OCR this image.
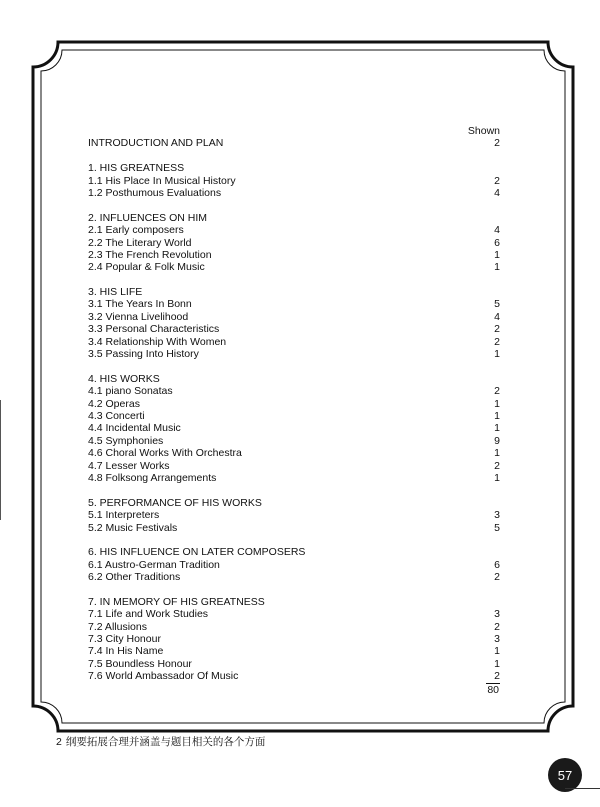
Shown
INTRODUCTION AND PLAN	2
1. HIS GREATNESS
1.1 His Place In Musical History	2
1.2 Posthumous Evaluations	4
2. INFLUENCES ON HIM
2.1 Early composers	4
2.2 The Literary World	6
2.3 The French Revolution	1
2.4 Popular & Folk Music	1
3. HIS LIFE
3.1 The Years In Bonn	5
3.2 Vienna Livelihood	4
3.3 Personal Characteristics	2
3.4 Relationship With Women	2
3.5 Passing Into History	1
4. HIS WORKS
4.1 piano Sonatas	2
4.2 Operas	1
4.3 Concerti	1
4.4 Incidental Music	1
4.5 Symphonies	9
4.6 Choral Works With Orchestra	1
4.7 Lesser Works	2
4.8 Folksong Arrangements	1
5. PERFORMANCE OF HIS WORKS
5.1 Interpreters	3
5.2 Music Festivals	5
6. HIS INFLUENCE ON LATER COMPOSERS
6.1 Austro-German Tradition	6
6.2 Other Traditions	2
7. IN MEMORY OF HIS GREATNESS
7.1 Life and Work Studies	3
7.2 Allusions	2
7.3 City Honour	3
7.4 In His Name	1
7.5 Boundless Honour	1
7.6 World Ambassador Of Music	2
80
2 纲要拓展合理并涵盖与题目相关的各个方面
57
